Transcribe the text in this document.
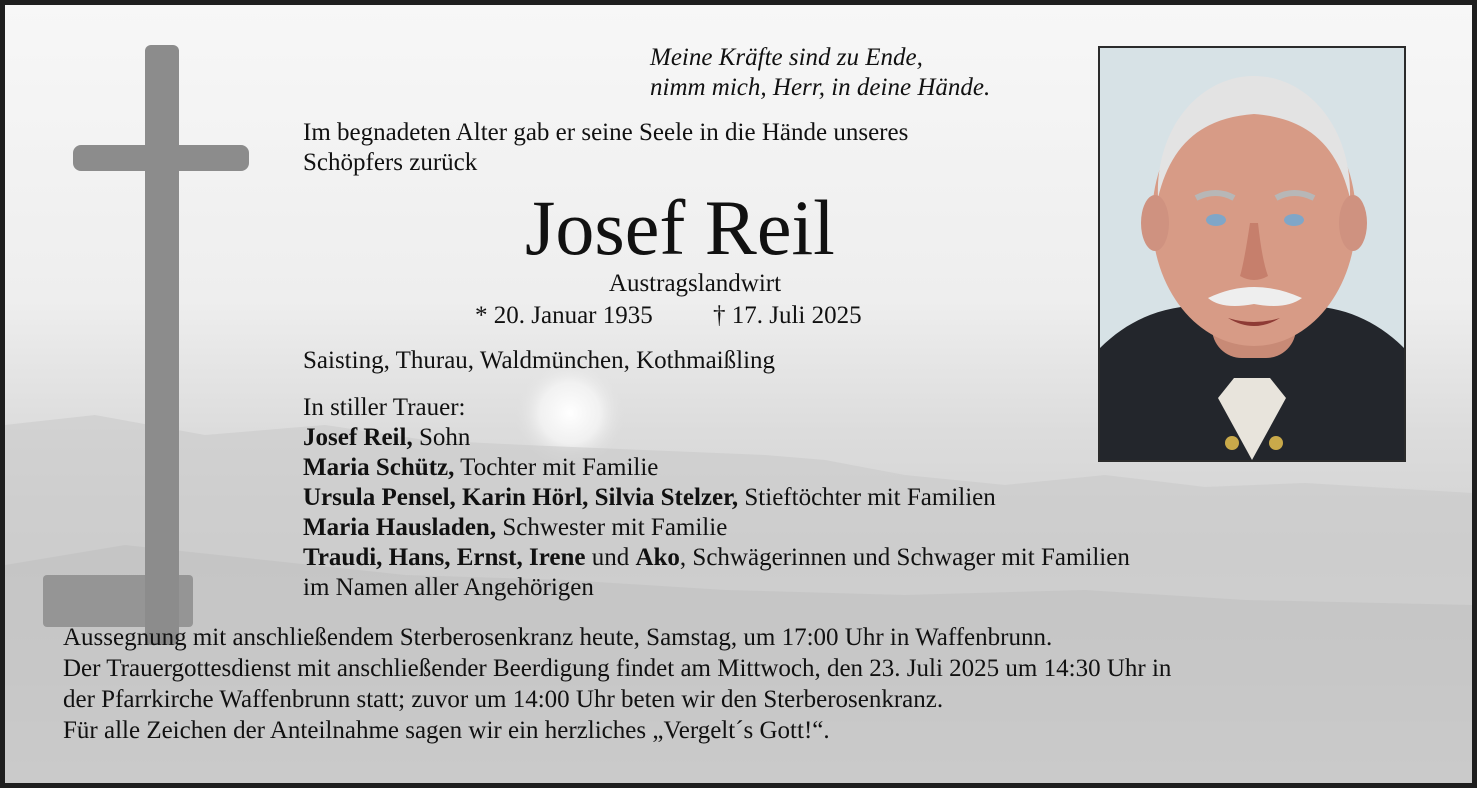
Meine Kräfte sind zu Ende,
nimm mich, Herr, in deine Hände.
Im begnadeten Alter gab er seine Seele in die Hände unseres
Schöpfers zurück
Josef Reil
Austragslandwirt
* 20. Januar 1935 † 17. Juli 2025
Saisting, Thurau, Waldmünchen, Kothmaißling
In stiller Trauer:
Josef Reil, Sohn
Maria Schütz, Tochter mit Familie
Ursula Pensel, Karin Hörl, Silvia Stelzer, Stieftöchter mit Familien
Maria Hausladen, Schwester mit Familie
Traudi, Hans, Ernst, Irene und Ako, Schwägerinnen und Schwager mit Familien
im Namen aller Angehörigen
Aussegnung mit anschließendem Sterberosenkranz heute, Samstag, um 17:00 Uhr in Waffenbrunn.
Der Trauergottesdienst mit anschließender Beerdigung findet am Mittwoch, den 23. Juli 2025 um 14:30 Uhr in
der Pfarrkirche Waffenbrunn statt; zuvor um 14:00 Uhr beten wir den Sterberosenkranz.
Für alle Zeichen der Anteilnahme sagen wir ein herzliches „Vergelt´s Gott!“.
